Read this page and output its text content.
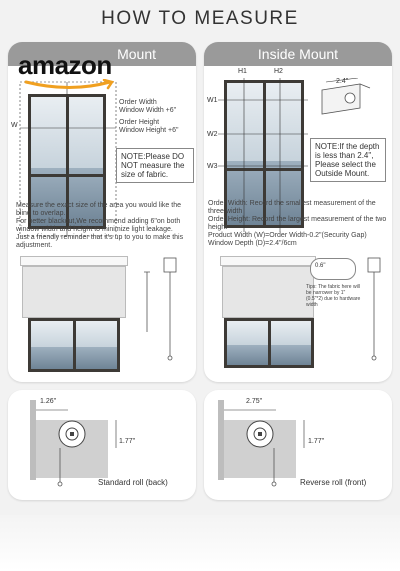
HOW TO MEASURE
Mount
W
Order Width
Window Width +6"
Order Height
Window Height +6"
NOTE:Please DO NOT measure the size of fabric.
Measure the exact size of the area you would like the blind to overlap.
For better blackout,We recommend adding 6"on both window width and height to minimize light leakage.
Just a friendly reminder that it's up to you to make this adjustment.
amazon	Inside Mount
H1	H2
W1
W2
W3
2.4"
NOTE:If the depth is less than 2.4", Please select the Outside Mount.
Order Width: Record the smallest measurement of the three width
Order Height: Record the largest measurement of the two height
Product Width (W)=Order Width-0.2"(Security Gap)
Window Depth (D)=2.4"/6cm
0.6"
Tips: The fabric here will be narrower by 1" (0.5"*2) due to hardware width
1.26"
1.77"
Standard roll (back)
2.75"
1.77"
Reverse roll (front)
